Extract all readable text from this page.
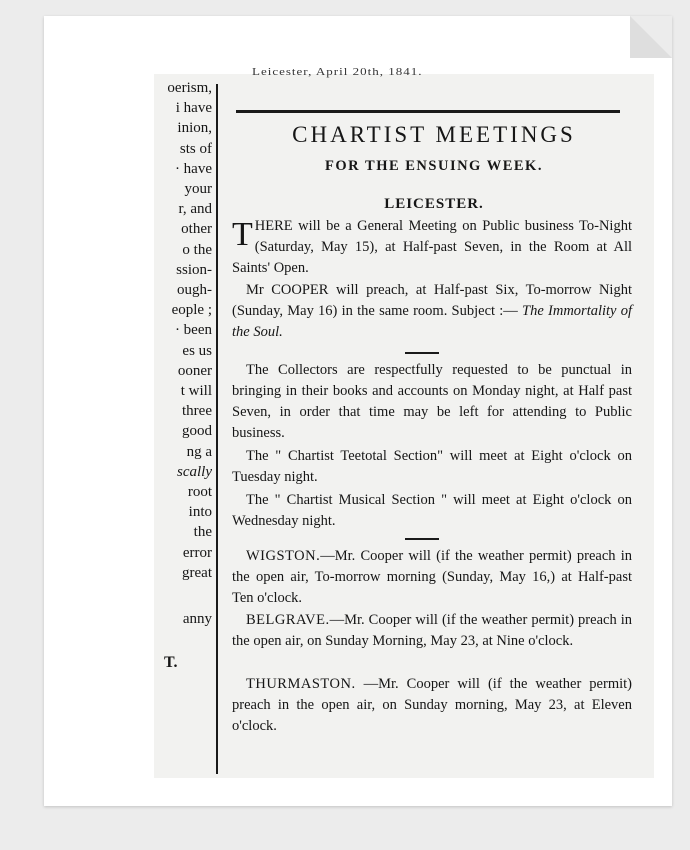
oerism,
i have
inion,
sts of
· have
your
r, and
other
o the
ssion-
ough-
eople ;
· been
es us
ooner
t will
three
good
ng a
scally
root
into
the
error
great
anny
T.
Leicester, April 20th, 1841.
CHARTIST MEETINGS
FOR THE ENSUING WEEK.
LEICESTER.
THERE will be a General Meeting on Public business To-Night (Saturday, May 15), at Half-past Seven, in the Room at All Saints' Open.
Mr COOPER will preach, at Half-past Six, To-morrow Night (Sunday, May 16) in the same room. Subject :— The Immortality of the Soul.
The Collectors are respectfully requested to be punctual in bringing in their books and accounts on Monday night, at Half past Seven, in order that time may be left for attending to Public business.
The " Chartist Teetotal Section" will meet at Eight o'clock on Tuesday night.
The " Chartist Musical Section " will meet at Eight o'clock on Wednesday night.
WIGSTON.—Mr. Cooper will (if the weather permit) preach in the open air, To-morrow morning (Sunday, May 16,) at Half-past Ten o'clock.
BELGRAVE.—Mr. Cooper will (if the weather permit) preach in the open air, on Sunday Morning, May 23, at Nine o'clock.
THURMASTON. —Mr. Cooper will (if the weather permit) preach in the open air, on Sunday morning, May 23, at Eleven o'clock.
